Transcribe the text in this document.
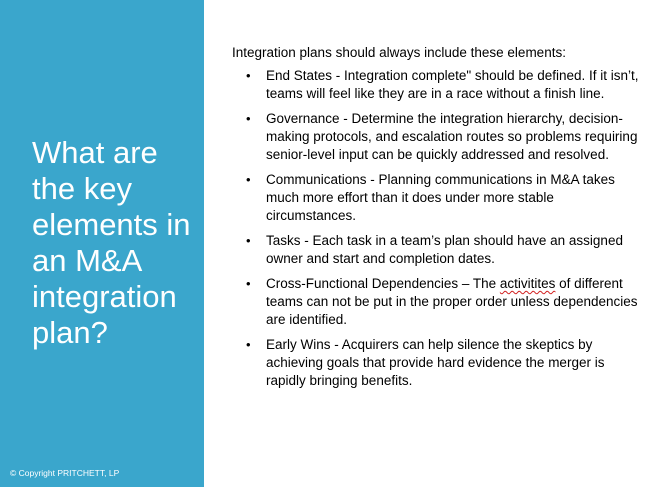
What are the key elements in an M&A integration plan?
© Copyright PRITCHETT, LP

Integration plans should always include these elements:

• End States - Integration complete" should be defined. If it isn’t, teams will feel like they are in a race without a finish line.
• Governance - Determine the integration hierarchy, decision-making protocols, and escalation routes so problems requiring senior-level input can be quickly addressed and resolved.
• Communications - Planning communications in M&A takes much more effort than it does under more stable circumstances.
• Tasks - Each task in a team’s plan should have an assigned owner and start and completion dates.
• Cross-Functional Dependencies – The activitites of different teams can not be put in the proper order unless dependencies are identified.
• Early Wins - Acquirers can help silence the skeptics by achieving goals that provide hard evidence the merger is rapidly bringing benefits.
